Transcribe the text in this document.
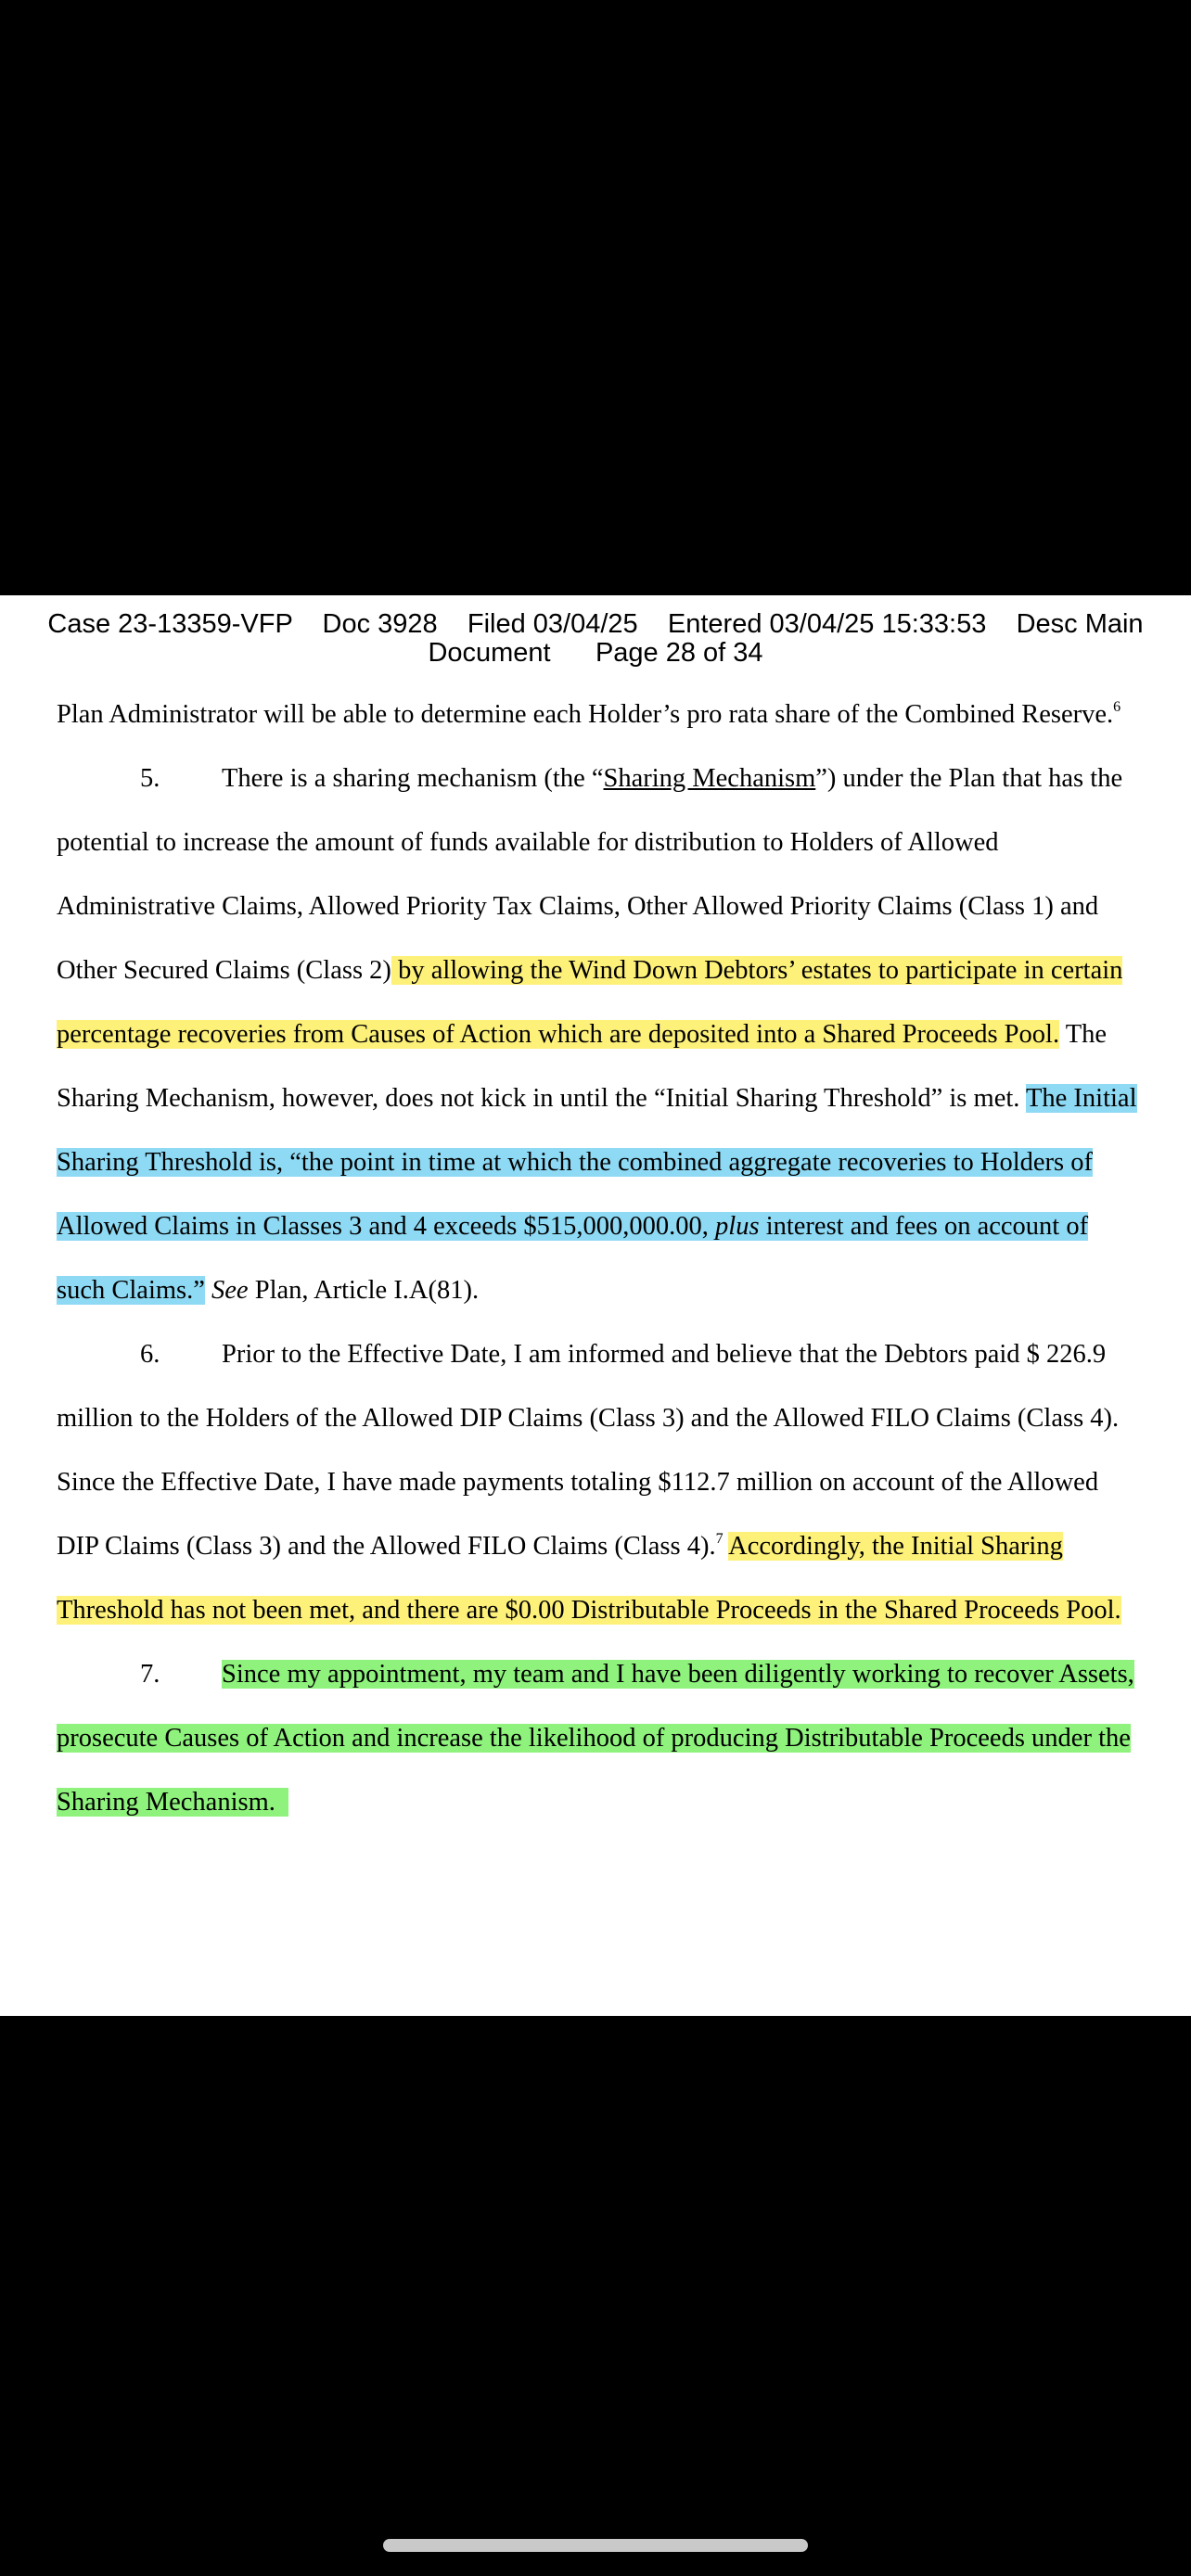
Case 23-13359-VFP    Doc 3928    Filed 03/04/25    Entered 03/04/25 15:33:53    Desc Main
Document      Page 28 of 34

Plan Administrator will be able to determine each Holder’s pro rata share of the Combined Reserve.$^6$

5. There is a sharing mechanism (the “Sharing Mechanism”) under the Plan that has the potential to increase the amount of funds available for distribution to Holders of Allowed Administrative Claims, Allowed Priority Tax Claims, Other Allowed Priority Claims (Class 1) and Other Secured Claims (Class 2) by allowing the Wind Down Debtors’ estates to participate in certain percentage recoveries from Causes of Action which are deposited into a Shared Proceeds Pool. The Sharing Mechanism, however, does not kick in until the “Initial Sharing Threshold” is met. The Initial Sharing Threshold is, “the point in time at which the combined aggregate recoveries to Holders of Allowed Claims in Classes 3 and 4 exceeds $515,000,000.00, plus interest and fees on account of such Claims.” See Plan, Article I.A(81).

6. Prior to the Effective Date, I am informed and believe that the Debtors paid $ 226.9 million to the Holders of the Allowed DIP Claims (Class 3) and the Allowed FILO Claims (Class 4). Since the Effective Date, I have made payments totaling $112.7 million on account of the Allowed DIP Claims (Class 3) and the Allowed FILO Claims (Class 4).$^7$ Accordingly, the Initial Sharing Threshold has not been met, and there are $0.00 Distributable Proceeds in the Shared Proceeds Pool.

7. Since my appointment, my team and I have been diligently working to recover Assets, prosecute Causes of Action and increase the likelihood of producing Distributable Proceeds under the Sharing Mechanism.
